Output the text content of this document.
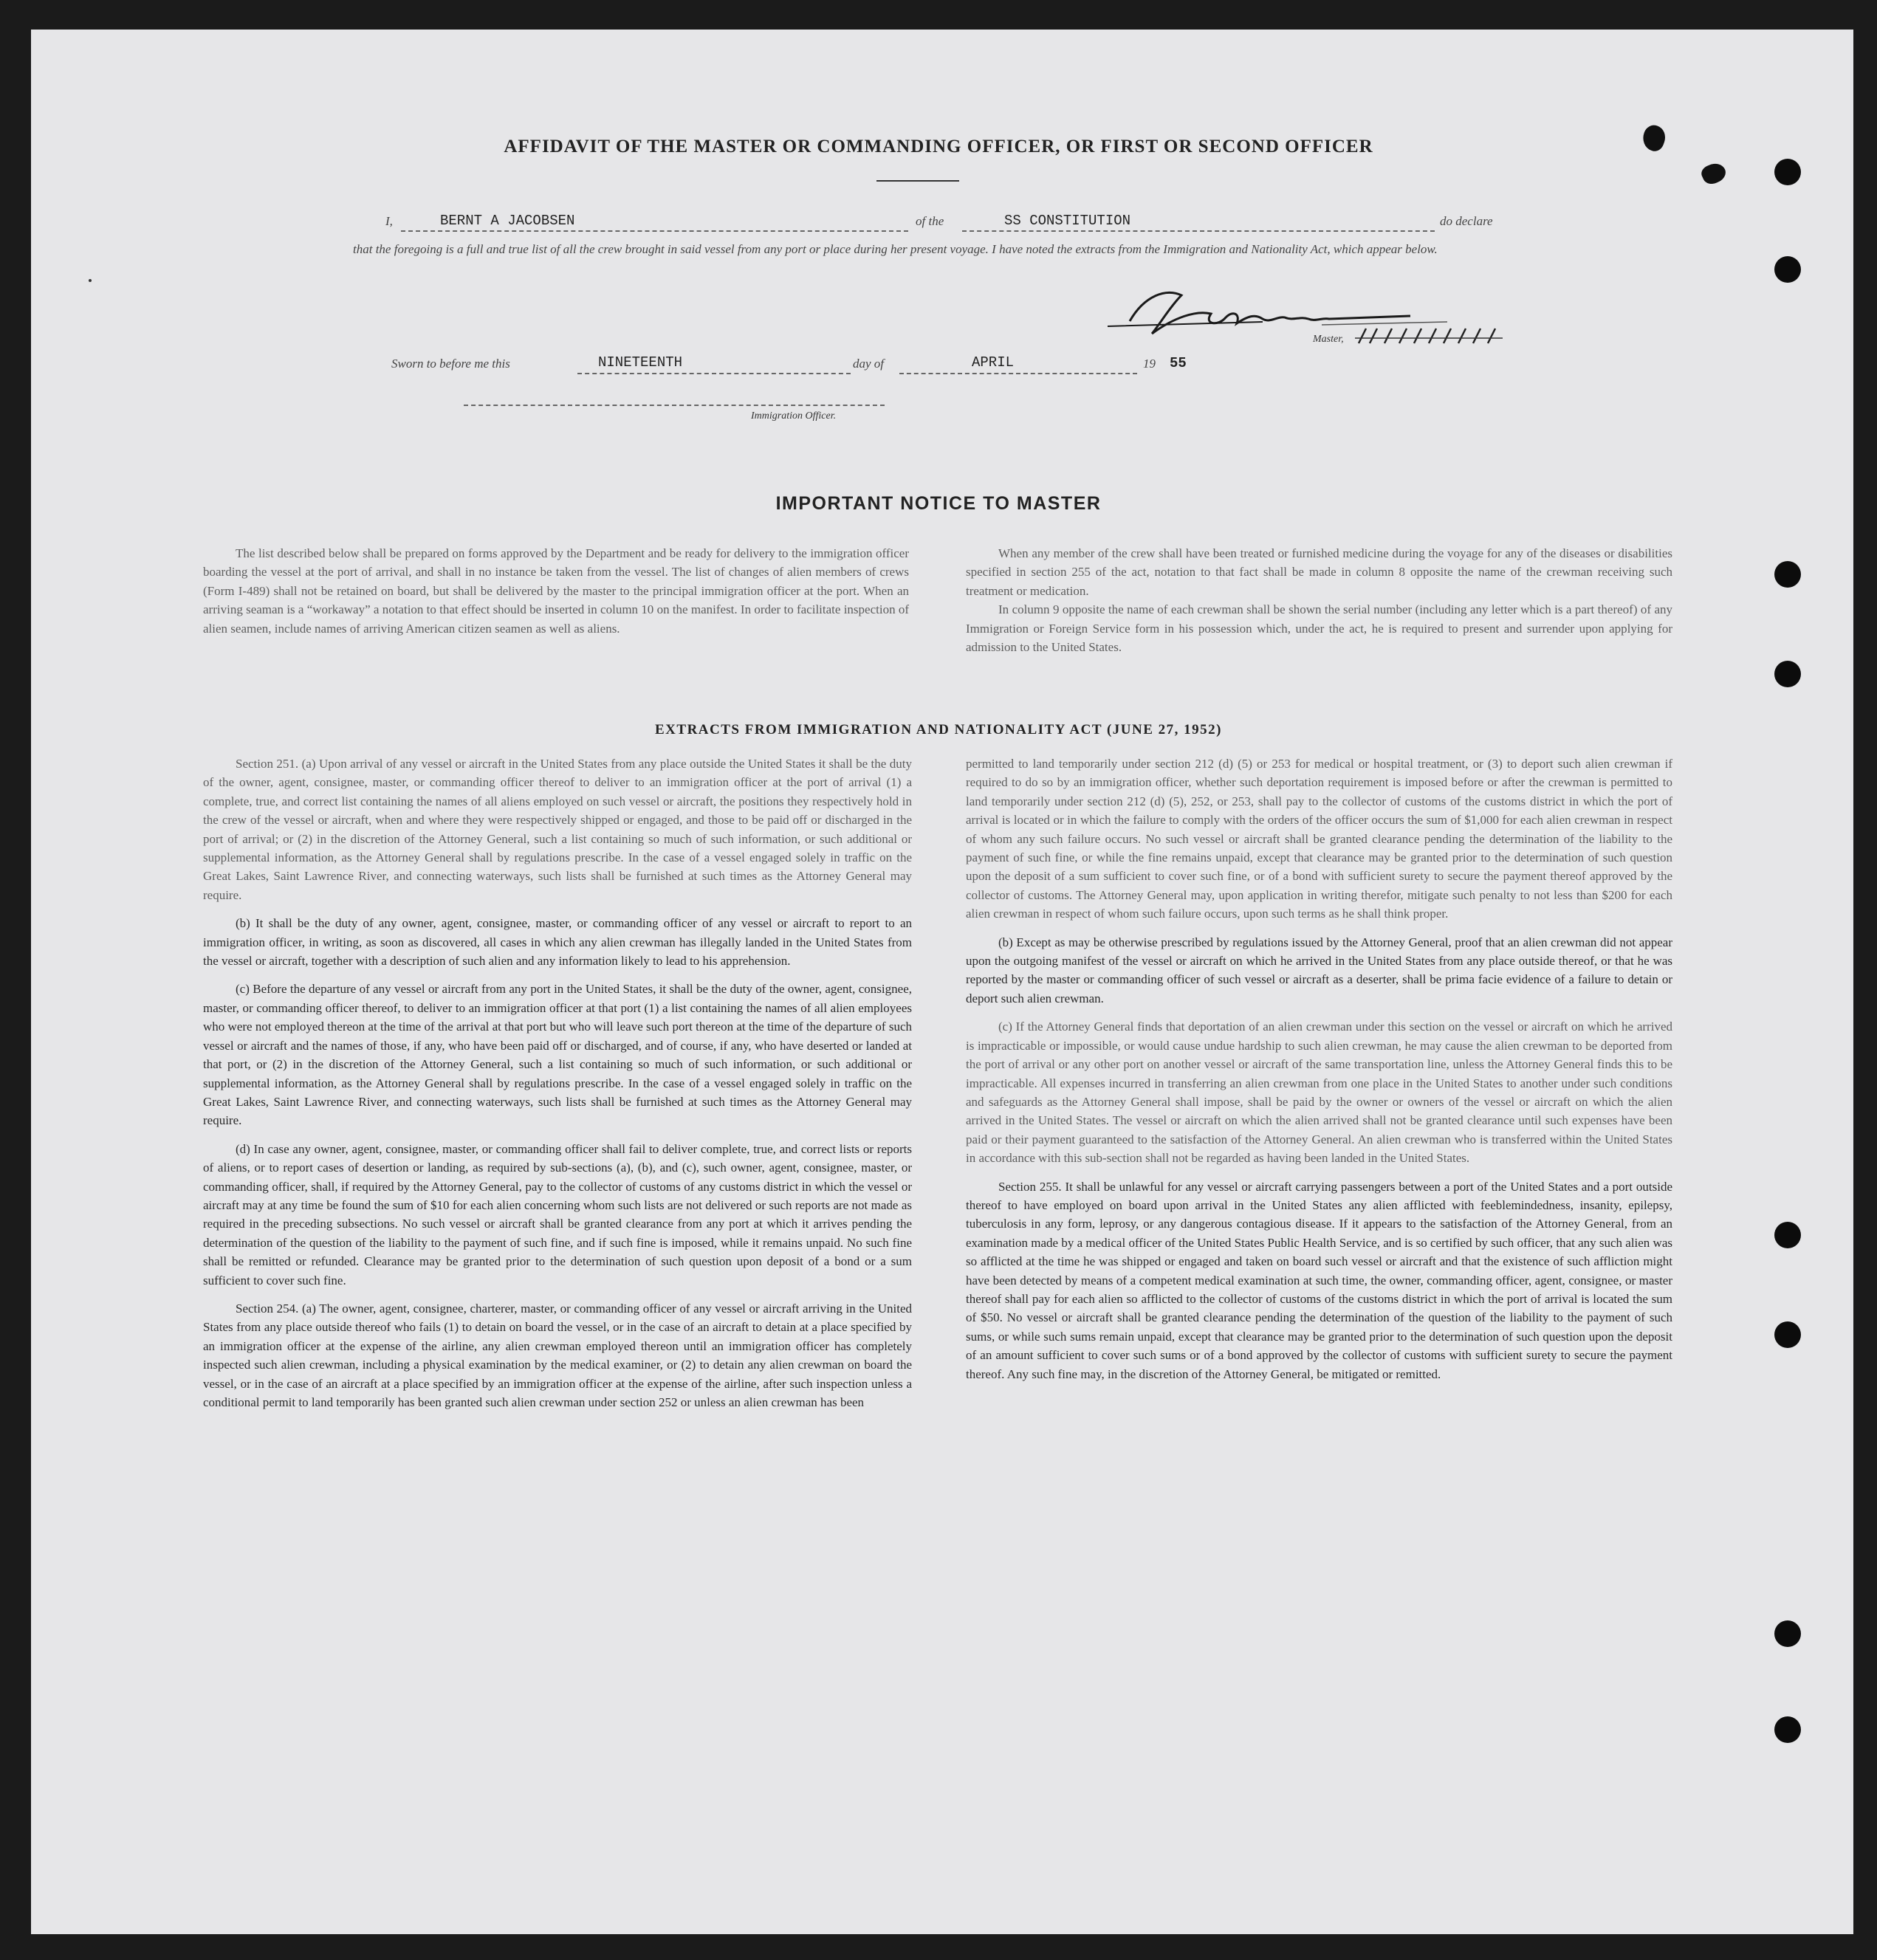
AFFIDAVIT OF THE MASTER OR COMMANDING OFFICER, OR FIRST OR SECOND OFFICER
I,	BERNT A JACOBSEN	of the	SS CONSTITUTION	do declare
that the foregoing is a full and true list of all the crew brought in said vessel from any port or place during her present voyage. I have noted the extracts from the Immigration and Nationality Act, which appear below.
Master,
Sworn to before me this	NINETEENTH	day of	APRIL	19 55
Immigration Officer.
IMPORTANT NOTICE TO MASTER

The list described below shall be prepared on forms approved by the Department and be ready for delivery to the immigration officer boarding the vessel at the port of arrival, and shall in no instance be taken from the vessel. The list of changes of alien members of crews (Form I-489) shall not be retained on board, but shall be delivered by the master to the principal immigration officer at the port. When an arriving seaman is a “workaway” a notation to that effect should be inserted in column 10 on the manifest. In order to facilitate inspection of alien seamen, include names of arriving American citizen seamen as well as aliens.

When any member of the crew shall have been treated or furnished medicine during the voyage for any of the diseases or disabilities specified in section 255 of the act, notation to that fact shall be made in column 8 opposite the name of the crewman receiving such treatment or medication.

In column 9 opposite the name of each crewman shall be shown the serial number (including any letter which is a part thereof) of any Immigration or Foreign Service form in his possession which, under the act, he is required to present and surrender upon applying for admission to the United States.

EXTRACTS FROM IMMIGRATION AND NATIONALITY ACT (JUNE 27, 1952)

Section 251. (a) Upon arrival of any vessel or aircraft in the United States from any place outside the United States it shall be the duty of the owner, agent, consignee, master, or commanding officer thereof to deliver to an immigration officer at the port of arrival (1) a complete, true, and correct list containing the names of all aliens employed on such vessel or aircraft, the positions they respectively hold in the crew of the vessel or aircraft, when and where they were respectively shipped or engaged, and those to be paid off or discharged in the port of arrival; or (2) in the discretion of the Attorney General, such a list containing so much of such information, or such additional or supplemental information, as the Attorney General shall by regulations prescribe. In the case of a vessel engaged solely in traffic on the Great Lakes, Saint Lawrence River, and connecting waterways, such lists shall be furnished at such times as the Attorney General may require.

(b) It shall be the duty of any owner, agent, consignee, master, or commanding officer of any vessel or aircraft to report to an immigration officer, in writing, as soon as discovered, all cases in which any alien crewman has illegally landed in the United States from the vessel or aircraft, together with a description of such alien and any information likely to lead to his apprehension.

(c) Before the departure of any vessel or aircraft from any port in the United States, it shall be the duty of the owner, agent, consignee, master, or commanding officer thereof, to deliver to an immigration officer at that port (1) a list containing the names of all alien employees who were not employed thereon at the time of the arrival at that port but who will leave such port thereon at the time of the departure of such vessel or aircraft and the names of those, if any, who have been paid off or discharged, and of course, if any, who have deserted or landed at that port, or (2) in the discretion of the Attorney General, such a list containing so much of such information, or such additional or supplemental information, as the Attorney General shall by regulations prescribe. In the case of a vessel engaged solely in traffic on the Great Lakes, Saint Lawrence River, and connecting waterways, such lists shall be furnished at such times as the Attorney General may require.

(d) In case any owner, agent, consignee, master, or commanding officer shall fail to deliver complete, true, and correct lists or reports of aliens, or to report cases of desertion or landing, as required by sub-sections (a), (b), and (c), such owner, agent, consignee, master, or commanding officer, shall, if required by the Attorney General, pay to the collector of customs of any customs district in which the vessel or aircraft may at any time be found the sum of $10 for each alien concerning whom such lists are not delivered or such reports are not made as required in the preceding subsections. No such vessel or aircraft shall be granted clearance from any port at which it arrives pending the determination of the question of the liability to the payment of such fine, and if such fine is imposed, while it remains unpaid. No such fine shall be remitted or refunded. Clearance may be granted prior to the determination of such question upon deposit of a bond or a sum sufficient to cover such fine.

Section 254. (a) The owner, agent, consignee, charterer, master, or commanding officer of any vessel or aircraft arriving in the United States from any place outside thereof who fails (1) to detain on board the vessel, or in the case of an aircraft to detain at a place specified by an immigration officer at the expense of the airline, any alien crewman employed thereon until an immigration officer has completely inspected such alien crewman, including a physical examination by the medical examiner, or (2) to detain any alien crewman on board the vessel, or in the case of an aircraft at a place specified by an immigration officer at the expense of the airline, after such inspection unless a conditional permit to land temporarily has been granted such alien crewman under section 252 or unless an alien crewman has been

permitted to land temporarily under section 212 (d) (5) or 253 for medical or hospital treatment, or (3) to deport such alien crewman if required to do so by an immigration officer, whether such deportation requirement is imposed before or after the crewman is permitted to land temporarily under section 212 (d) (5), 252, or 253, shall pay to the collector of customs of the customs district in which the port of arrival is located or in which the failure to comply with the orders of the officer occurs the sum of $1,000 for each alien crewman in respect of whom any such failure occurs. No such vessel or aircraft shall be granted clearance pending the determination of the liability to the payment of such fine, or while the fine remains unpaid, except that clearance may be granted prior to the determination of such question upon the deposit of a sum sufficient to cover such fine, or of a bond with sufficient surety to secure the payment thereof approved by the collector of customs. The Attorney General may, upon application in writing therefor, mitigate such penalty to not less than $200 for each alien crewman in respect of whom such failure occurs, upon such terms as he shall think proper.

(b) Except as may be otherwise prescribed by regulations issued by the Attorney General, proof that an alien crewman did not appear upon the outgoing manifest of the vessel or aircraft on which he arrived in the United States from any place outside thereof, or that he was reported by the master or commanding officer of such vessel or aircraft as a deserter, shall be prima facie evidence of a failure to detain or deport such alien crewman.

(c) If the Attorney General finds that deportation of an alien crewman under this section on the vessel or aircraft on which he arrived is impracticable or impossible, or would cause undue hardship to such alien crewman, he may cause the alien crewman to be deported from the port of arrival or any other port on another vessel or aircraft of the same transportation line, unless the Attorney General finds this to be impracticable. All expenses incurred in transferring an alien crewman from one place in the United States to another under such conditions and safeguards as the Attorney General shall impose, shall be paid by the owner or owners of the vessel or aircraft on which the alien arrived in the United States. The vessel or aircraft on which the alien arrived shall not be granted clearance until such expenses have been paid or their payment guaranteed to the satisfaction of the Attorney General. An alien crewman who is transferred within the United States in accordance with this sub-section shall not be regarded as having been landed in the United States.

Section 255. It shall be unlawful for any vessel or aircraft carrying passengers between a port of the United States and a port outside thereof to have employed on board upon arrival in the United States any alien afflicted with feeblemindedness, insanity, epilepsy, tuberculosis in any form, leprosy, or any dangerous contagious disease. If it appears to the satisfaction of the Attorney General, from an examination made by a medical officer of the United States Public Health Service, and is so certified by such officer, that any such alien was so afflicted at the time he was shipped or engaged and taken on board such vessel or aircraft and that the existence of such affliction might have been detected by means of a competent medical examination at such time, the owner, commanding officer, agent, consignee, or master thereof shall pay for each alien so afflicted to the collector of customs of the customs district in which the port of arrival is located the sum of $50. No vessel or aircraft shall be granted clearance pending the determination of the question of the liability to the payment of such sums, or while such sums remain unpaid, except that clearance may be granted prior to the determination of such question upon the deposit of an amount sufficient to cover such sums or of a bond approved by the collector of customs with sufficient surety to secure the payment thereof. Any such fine may, in the discretion of the Attorney General, be mitigated or remitted.
